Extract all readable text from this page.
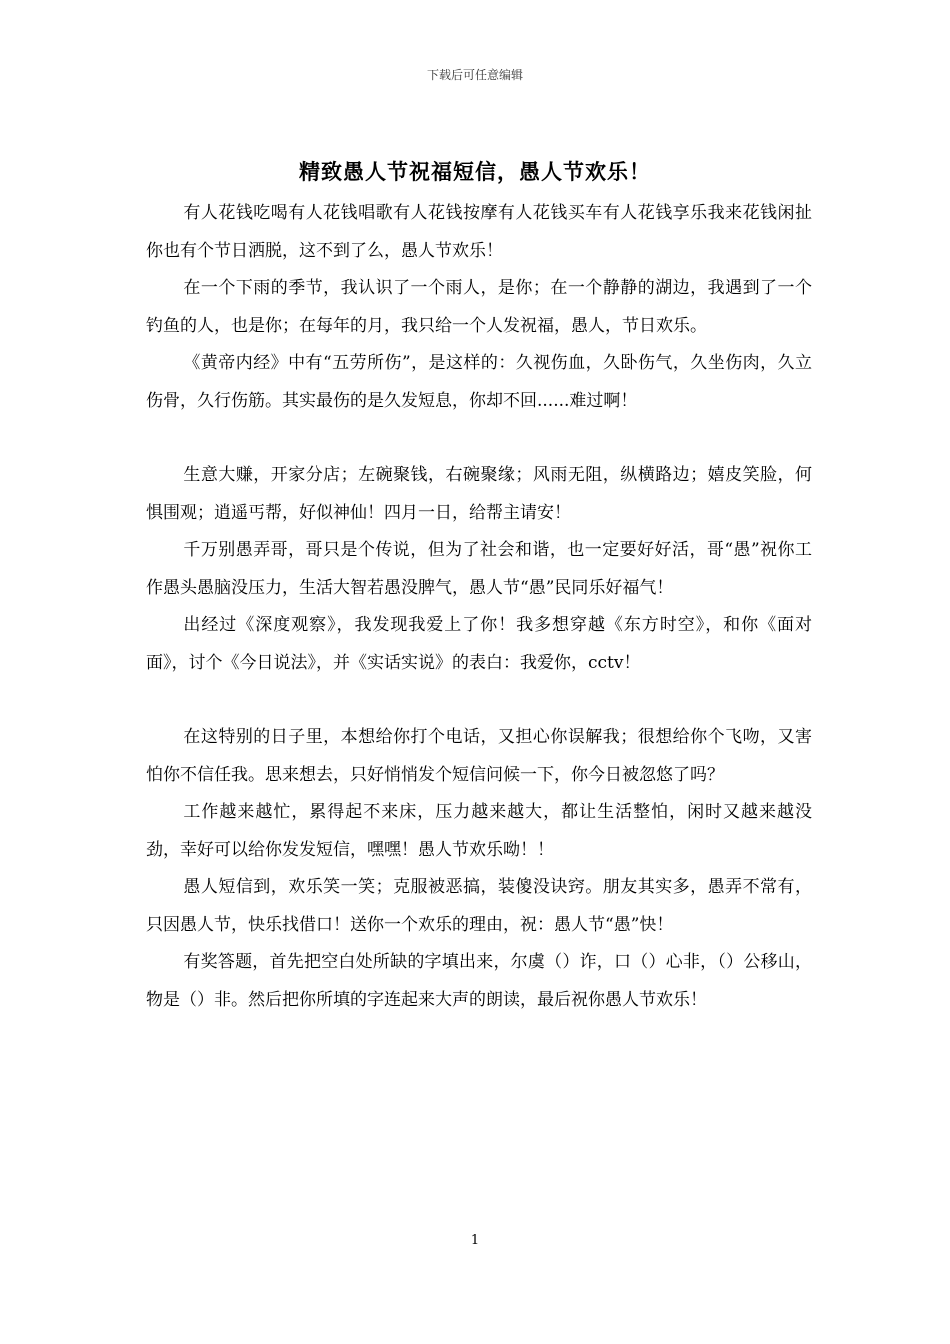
下载后可任意编辑
精致愚人节祝福短信，愚人节欢乐！

有人花钱吃喝有人花钱唱歌有人花钱按摩有人花钱买车有人花钱享乐我来花钱闲扯你也有个节日洒脱，这不到了么，愚人节欢乐！

在一个下雨的季节，我认识了一个雨人，是你；在一个静静的湖边，我遇到了一个钓鱼的人，也是你；在每年的月，我只给一个人发祝福，愚人，节日欢乐。

《黄帝内经》中有“五劳所伤”，是这样的：久视伤血，久卧伤气，久坐伤肉，久立伤骨，久行伤筋。其实最伤的是久发短息，你却不回......难过啊！

生意大赚，开家分店；左碗聚钱，右碗聚缘；风雨无阻，纵横路边；嬉皮笑脸，何惧围观；逍遥丐帮，好似神仙！四月一日，给帮主请安！

千万别愚弄哥，哥只是个传说，但为了社会和谐，也一定要好好活，哥“愚”祝你工作愚头愚脑没压力，生活大智若愚没脾气，愚人节“愚”民同乐好福气！

出经过《深度观察》，我发现我爱上了你！我多想穿越《东方时空》，和你《面对面》，讨个《今日说法》，并《实话实说》的表白：我爱你，cctv！

在这特别的日子里，本想给你打个电话，又担心你误解我；很想给你个飞吻，又害怕你不信任我。思来想去，只好悄悄发个短信问候一下，你今日被忽悠了吗？

工作越来越忙，累得起不来床，压力越来越大，都让生活整怕，闲时又越来越没劲，幸好可以给你发发短信，嘿嘿！愚人节欢乐呦！！

愚人短信到，欢乐笑一笑；克服被恶搞，装傻没诀窍。朋友其实多，愚弄不常有，只因愚人节，快乐找借口！送你一个欢乐的理由，祝：愚人节“愚”快！

有奖答题，首先把空白处所缺的字填出来，尔虞（）诈，口（）心非，（）公移山，物是（）非。然后把你所填的字连起来大声的朗读，最后祝你愚人节欢乐！

1
